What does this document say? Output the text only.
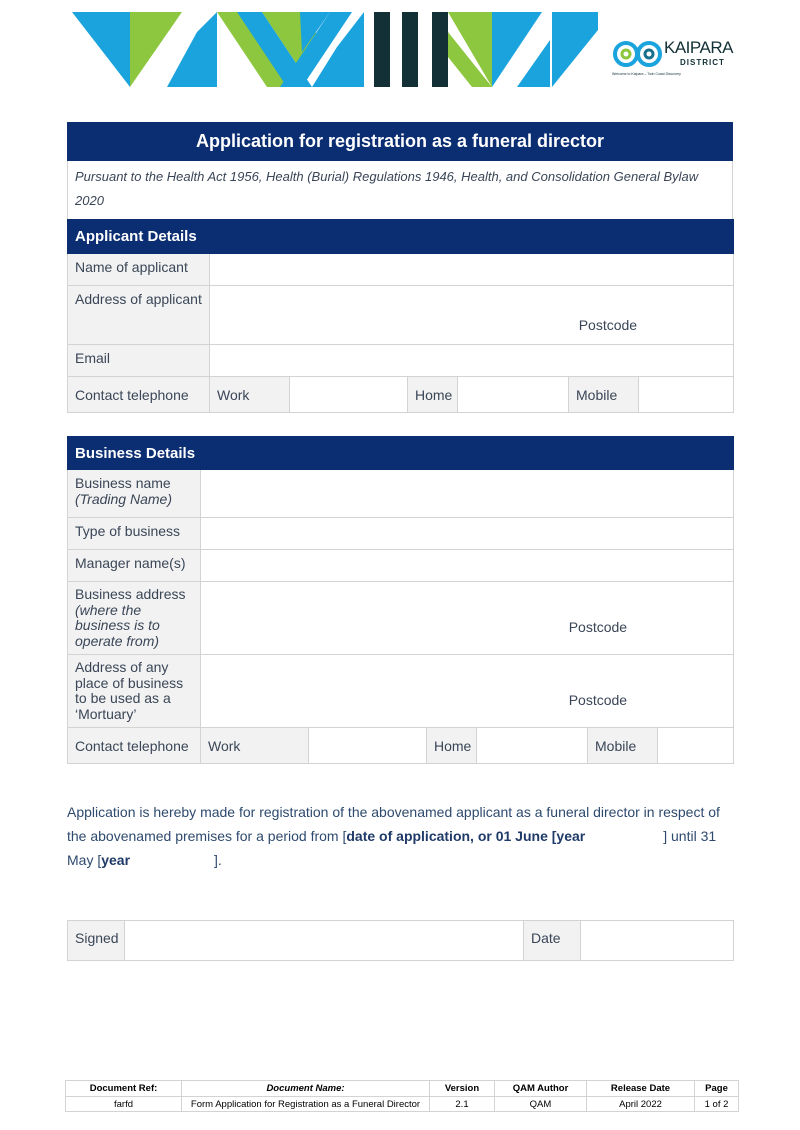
KAIPARA
DISTRICT
Welcome to Kaipara – Twin Coast Discovery
Application for registration as a funeral director
Pursuant to the Health Act 1956, Health (Burial) Regulations 1946, Health, and Consolidation General Bylaw 2020
Applicant Details						
Name of applicant						
Address of applicant	Postcode					

Email						
Contact telephone	Work		Home		Mobile	
Business Details						
Business name
(Trading Name)						
Type of business						
Manager name(s)						
Business address
(where the business is to operate from)	Postcode					

Address of any place of business to be used as a ‘Mortuary’	Postcode					

Contact telephone	Work		Home		Mobile	
Application is hereby made for registration of the abovenamed applicant as a funeral director in respect of the abovenamed premises for a period from [date of application, or 01 June [year	] until 31 May [year	].
Signed		Date	
Document Ref:	Document Name:	Version	QAM Author	Release Date	Page
farfd	Form Application for Registration as a Funeral Director	2.1	QAM	April 2022	1 of 2
